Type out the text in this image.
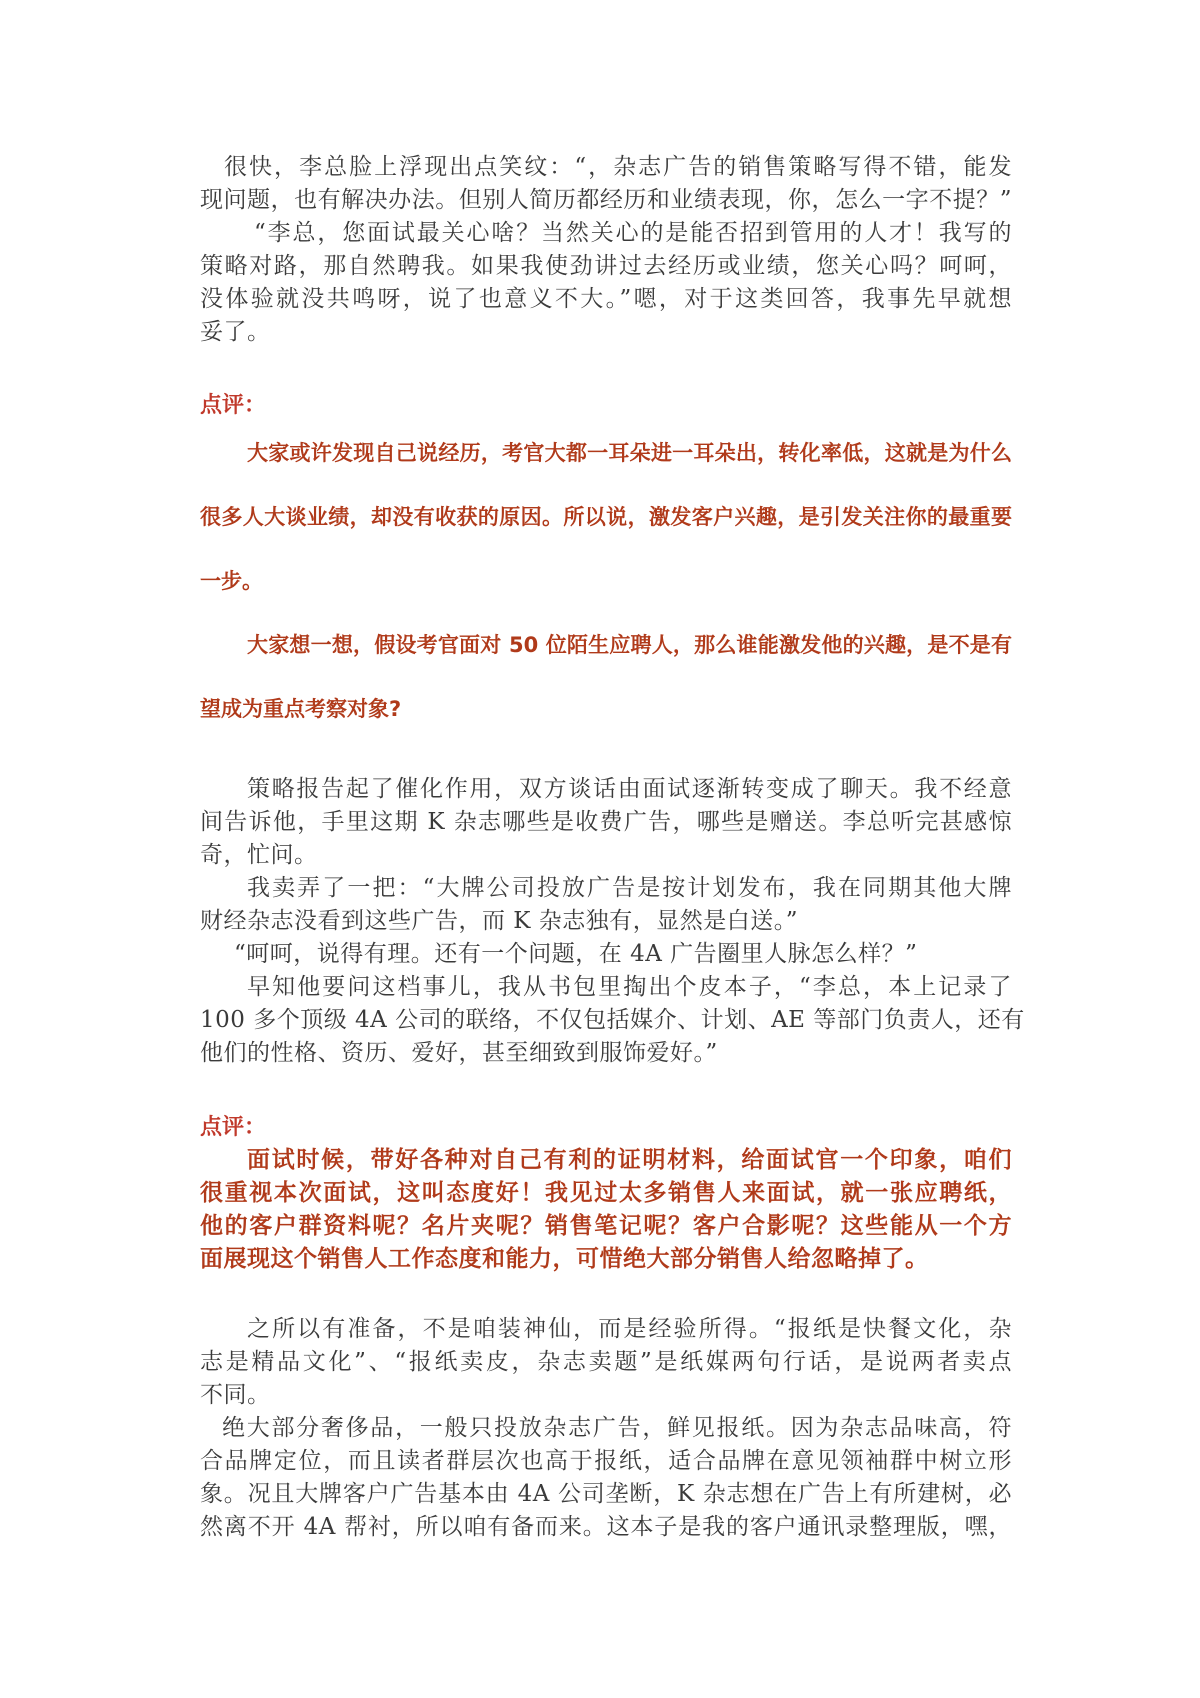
很快，李总脸上浮现出点笑纹：“，杂志广告的销售策略写得不错，能发
现问题，也有解决办法。但别人简历都经历和业绩表现，你，怎么一字不提？”
“李总，您面试最关心啥？当然关心的是能否招到管用的人才！我写的
策略对路，那自然聘我。如果我使劲讲过去经历或业绩，您关心吗？呵呵，
没体验就没共鸣呀，说了也意义不大。”嗯，对于这类回答，我事先早就想
妥了。
点评：
大家或许发现自己说经历，考官大都一耳朵进一耳朵出，转化率低，这就是为什么
很多人大谈业绩，却没有收获的原因。所以说，激发客户兴趣，是引发关注你的最重要
一步。
大家想一想，假设考官面对 50 位陌生应聘人，那么谁能激发他的兴趣，是不是有
望成为重点考察对象?
策略报告起了催化作用，双方谈话由面试逐渐转变成了聊天。我不经意
间告诉他，手里这期 K 杂志哪些是收费广告，哪些是赠送。李总听完甚感惊
奇，忙问。
我卖弄了一把：“大牌公司投放广告是按计划发布，我在同期其他大牌
财经杂志没看到这些广告，而 K 杂志独有，显然是白送。”
“呵呵，说得有理。还有一个问题，在 4A 广告圈里人脉怎么样？”
早知他要问这档事儿，我从书包里掏出个皮本子，“李总，本上记录了
100 多个顶级 4A 公司的联络，不仅包括媒介、计划、AE 等部门负责人，还有
他们的性格、资历、爱好，甚至细致到服饰爱好。”
点评：
面试时候，带好各种对自己有利的证明材料，给面试官一个印象，咱们
很重视本次面试，这叫态度好！我见过太多销售人来面试，就一张应聘纸，
他的客户群资料呢？名片夹呢？销售笔记呢？客户合影呢？这些能从一个方
面展现这个销售人工作态度和能力，可惜绝大部分销售人给忽略掉了。
之所以有准备，不是咱装神仙，而是经验所得。“报纸是快餐文化，杂
志是精品文化”、“报纸卖皮，杂志卖题”是纸媒两句行话，是说两者卖点
不同。
绝大部分奢侈品，一般只投放杂志广告，鲜见报纸。因为杂志品味高，符
合品牌定位，而且读者群层次也高于报纸，适合品牌在意见领袖群中树立形
象。况且大牌客户广告基本由 4A 公司垄断，K 杂志想在广告上有所建树，必
然离不开 4A 帮衬，所以咱有备而来。这本子是我的客户通讯录整理版，嘿，
